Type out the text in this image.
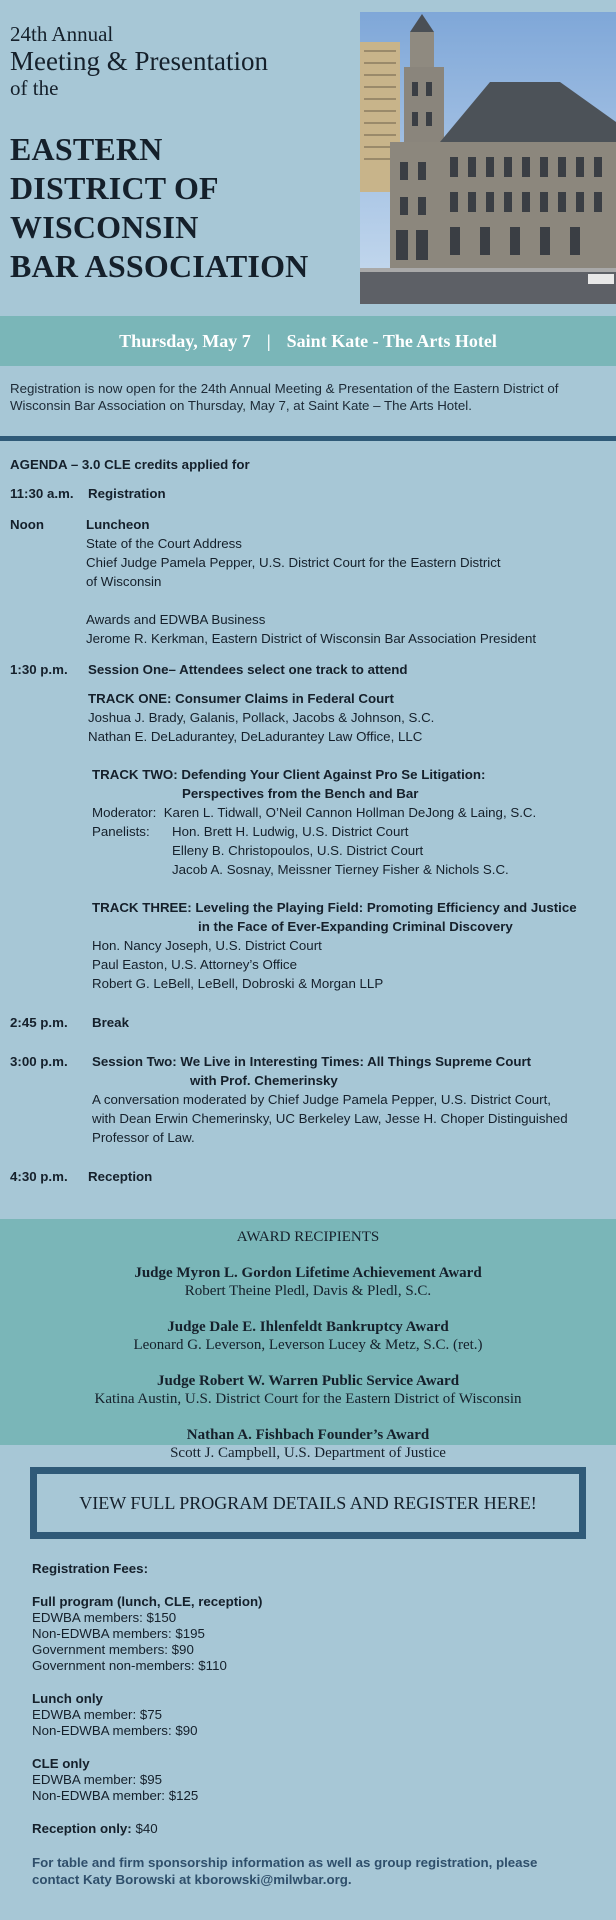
24th Annual
Meeting & Presentation
of the
EASTERN
DISTRICT OF
WISCONSIN
BAR ASSOCIATION
Thursday, May 7 | Saint Kate - The Arts Hotel
Registration is now open for the 24th Annual Meeting & Presentation of the Eastern District of Wisconsin Bar Association on Thursday, May 7, at Saint Kate – The Arts Hotel.
AGENDA – 3.0 CLE credits applied for
11:30 a.m. Registration
Noon	Luncheon
State of the Court Address
Chief Judge Pamela Pepper, U.S. District Court for the Eastern District
of Wisconsin
Awards and EDWBA Business
Jerome R. Kerkman, Eastern District of Wisconsin Bar Association President
1:30 p.m. Session One– Attendees select one track to attend
TRACK ONE: Consumer Claims in Federal Court
Joshua J. Brady, Galanis, Pollack, Jacobs & Johnson, S.C.
Nathan E. DeLadurantey, DeLadurantey Law Office, LLC
TRACK TWO: Defending Your Client Against Pro Se Litigation:
Perspectives from the Bench and Bar
Moderator: Karen L. Tidwall, O’Neil Cannon Hollman DeJong & Laing, S.C.
Panelists: Hon. Brett H. Ludwig, U.S. District Court
Elleny B. Christopoulos, U.S. District Court
Jacob A. Sosnay, Meissner Tierney Fisher & Nichols S.C.
TRACK THREE: Leveling the Playing Field: Promoting Efficiency and Justice
in the Face of Ever-Expanding Criminal Discovery
Hon. Nancy Joseph, U.S. District Court
Paul Easton, U.S. Attorney’s Office
Robert G. LeBell, LeBell, Dobroski & Morgan LLP
2:45 p.m. Break
3:00 p.m. Session Two: We Live in Interesting Times: All Things Supreme Court
with Prof. Chemerinsky
A conversation moderated by Chief Judge Pamela Pepper, U.S. District Court,
with Dean Erwin Chemerinsky, UC Berkeley Law, Jesse H. Choper Distinguished
Professor of Law.
4:30 p.m. Reception
AWARD RECIPIENTS
Judge Myron L. Gordon Lifetime Achievement Award
Robert Theine Pledl, Davis & Pledl, S.C.
Judge Dale E. Ihlenfeldt Bankruptcy Award
Leonard G. Leverson, Leverson Lucey & Metz, S.C. (ret.)
Judge Robert W. Warren Public Service Award
Katina Austin, U.S. District Court for the Eastern District of Wisconsin
Nathan A. Fishbach Founder’s Award
Scott J. Campbell, U.S. Department of Justice
VIEW FULL PROGRAM DETAILS AND REGISTER HERE!
Registration Fees:
Full program (lunch, CLE, reception)
EDWBA members: $150
Non-EDWBA members: $195
Government members: $90
Government non-members: $110
Lunch only
EDWBA member: $75
Non-EDWBA members: $90
CLE only
EDWBA member: $95
Non-EDWBA member: $125
Reception only: $40
For table and firm sponsorship information as well as group registration, please contact Katy Borowski at kborowski@milwbar.org.
